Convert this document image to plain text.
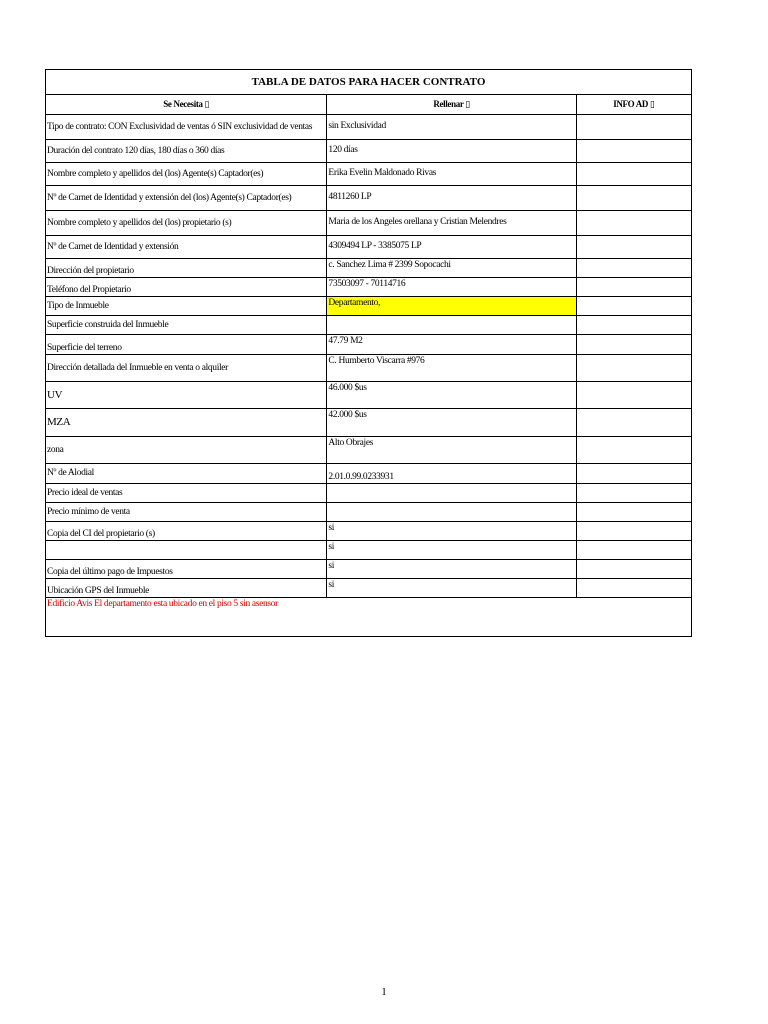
TABLA DE DATOS PARA HACER CONTRATO		
Se Necesita ▯	Rellenar ▯	INFO AD ▯
Tipo de contrato: CON Exclusividad de ventas ó SIN exclusividad de ventas	sin Exclusividad	
Duración del contrato 120 días, 180 días o 360 días	120 días	
Nombre completo y apellidos del (los) Agente(s) Captador(es)	Erika Evelin Maldonado Rivas	
Nº de Carnet de Identidad y extensión del (los) Agente(s) Captador(es)	4811260 LP	
Nombre completo y apellidos del (los) propietario (s)	Maria de los Angeles orellana y Cristian Melendres	
Nº de Carnet de Identidad y extensión	4309494 LP - 3385075 LP	
Dirección del propietario	c. Sanchez Lima # 2399 Sopocachi	
Teléfono del Propietario	73503097 - 70114716	
Tipo de Inmueble	Departamento,	
Superficie construida del Inmueble		
Superficie del terreno	47.79 M2	
Dirección detallada del Inmueble en venta o alquiler	C. Humberto Viscarra #976	
UV	46.000 $us	
MZA	42.000 $us	
zona	Alto Obrajes	
Nº de Alodial	2.01.0.99.0233931	
Precio ideal de ventas		
Precio mínimo de venta		
Copia del CI del propietario (s)	si	
	si	
Copia del último pago de Impuestos	si	
Ubicación GPS del Inmueble	si	
Edificio Avis El departamento esta ubicado en el piso 5 sin asensor		
1
